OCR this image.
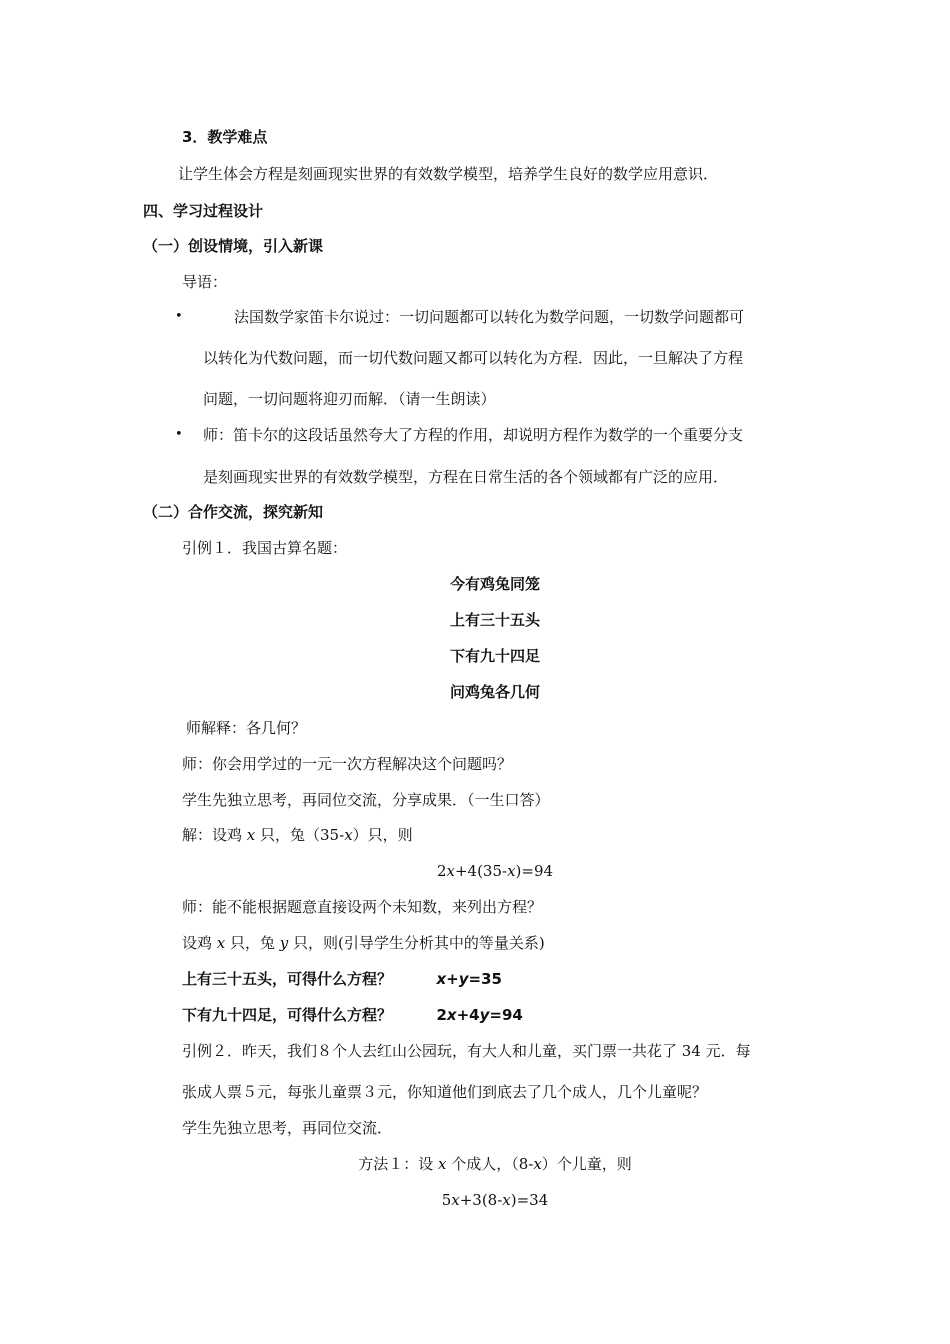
3．教学难点
让学生体会方程是刻画现实世界的有效数学模型，培养学生良好的数学应用意识．
四、学习过程设计
（一）创设情境，引入新课
导语：
•	法国数学家笛卡尔说过：一切问题都可以转化为数学问题，一切数学问题都可
以转化为代数问题，而一切代数问题又都可以转化为方程．因此，一旦解决了方程
问题，一切问题将迎刃而解．（请一生朗读）
• 师：笛卡尔的这段话虽然夸大了方程的作用，却说明方程作为数学的一个重要分支
是刻画现实世界的有效数学模型，方程在日常生活的各个领域都有广泛的应用．
（二）合作交流，探究新知
引例１．我国古算名题：
今有鸡兔同笼
上有三十五头
下有九十四足
问鸡兔各几何
师解释：各几何？
师：你会用学过的一元一次方程解决这个问题吗？
学生先独立思考，再同位交流，分享成果．（一生口答）
解：设鸡 x 只，兔（35-x）只，则
2x+4(35-x)=94
师：能不能根据题意直接设两个未知数，来列出方程？
设鸡 x 只，兔 y 只，则(引导学生分析其中的等量关系)
上有三十五头，可得什么方程？	x+y=35
下有九十四足，可得什么方程？	2x+4y=94
引例２．昨天，我们８个人去红山公园玩，有大人和儿童，买门票一共花了 34 元．每
张成人票５元，每张儿童票３元，你知道他们到底去了几个成人，几个儿童呢？
学生先独立思考，再同位交流．
方法１：设 x 个成人，（8-x）个儿童，则
5x+3(8-x)=34
